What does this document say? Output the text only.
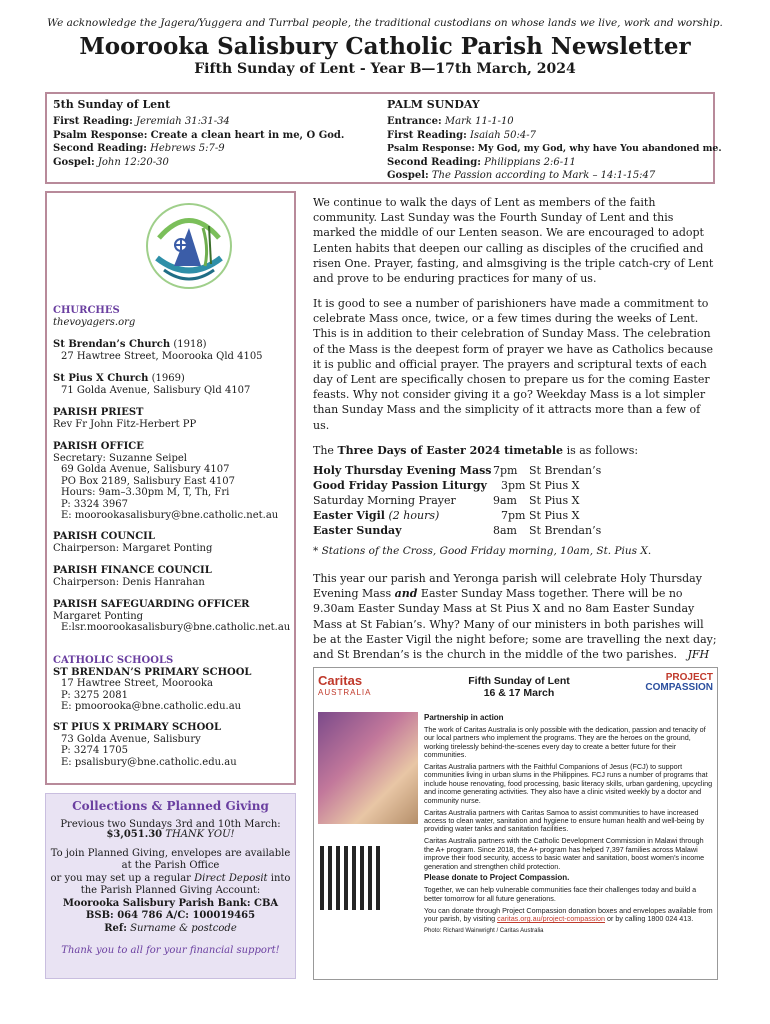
We acknowledge the Jagera/Yuggera and Turrbal people, the traditional custodians on whose lands we live, work and worship.
Moorooka Salisbury Catholic Parish Newsletter
Fifth Sunday of Lent - Year B—17th March, 2024
5th Sunday of Lent
First Reading: Jeremiah 31:31-34
Psalm Response: Create a clean heart in me, O God.
Second Reading: Hebrews 5:7-9
Gospel: John 12:20-30
PALM SUNDAY
Entrance: Mark 11-1-10
First Reading: Isaiah 50:4-7
Psalm Response: My God, my God, why have You abandoned me.
Second Reading: Philippians 2:6-11
Gospel: The Passion according to Mark – 14:1-15:47
CHURCHES
thevoyagers.org
St Brendan’s Church (1918)
27 Hawtree Street, Moorooka Qld 4105
St Pius X Church (1969)
71 Golda Avenue, Salisbury Qld 4107
PARISH PRIEST
Rev Fr John Fitz-Herbert PP
PARISH OFFICE
Secretary: Suzanne Seipel
69 Golda Avenue, Salisbury 4107
PO Box 2189, Salisbury East 4107
Hours: 9am–3.30pm M, T, Th, Fri
P: 3324 3967
E: moorookasalisbury@bne.catholic.net.au
PARISH COUNCIL
Chairperson: Margaret Ponting
PARISH FINANCE COUNCIL
Chairperson: Denis Hanrahan
PARISH SAFEGUARDING OFFICER
Margaret Ponting
E:lsr.moorookasalisbury@bne.catholic.net.au
CATHOLIC SCHOOLS
ST BRENDAN’S PRIMARY SCHOOL
17 Hawtree Street, Moorooka
P: 3275 2081
E: pmoorooka@bne.catholic.edu.au
ST PIUS X PRIMARY SCHOOL
73 Golda Avenue, Salisbury
P: 3274 1705
E: psalisbury@bne.catholic.edu.au
Collections & Planned Giving
Previous two Sundays 3rd and 10th March:
$3,051.30 THANK YOU!
To join Planned Giving, envelopes are available
at the Parish Office
or you may set up a regular Direct Deposit into
the Parish Planned Giving Account:
Moorooka Salisbury Parish Bank: CBA
BSB: 064 786 A/C: 100019465
Ref: Surname & postcode
Thank you to all for your financial support!

We continue to walk the days of Lent as members of the faith community. Last Sunday was the Fourth Sunday of Lent and this marked the middle of our Lenten season. We are encouraged to adopt Lenten habits that deepen our calling as disciples of the crucified and risen One. Prayer, fasting, and almsgiving is the triple catch-cry of Lent and prove to be enduring practices for many of us.

It is good to see a number of parishioners have made a commitment to celebrate Mass once, twice, or a few times during the weeks of Lent. This is in addition to their celebration of Sunday Mass. The celebration of the Mass is the deepest form of prayer we have as Catholics because it is public and official prayer. The prayers and scriptural texts of each day of Lent are specifically chosen to prepare us for the coming Easter feasts. Why not consider giving it a go? Weekday Mass is a lot simpler than Sunday Mass and the simplicity of it attracts more than a few of us.

The Three Days of Easter 2024 timetable is as follows:

Holy Thursday Evening Mass 7pm St Brendan’s
Good Friday Passion Liturgy 3pm St Pius X
Saturday Morning Prayer	9am St Pius X
Easter Vigil (2 hours)	7pm St Pius X
Easter Sunday	8am St Brendan’s
* Stations of the Cross, Good Friday morning, 10am, St. Pius X.

This year our parish and Yeronga parish will celebrate Holy Thursday Evening Mass and Easter Sunday Mass together. There will be no 9.30am Easter Sunday Mass at St Pius X and no 8am Easter Sunday Mass at St Fabian’s. Why? Many of our ministers in both parishes will be at the Easter Vigil the night before; some are travelling the next day; and St Brendan’s is the church in the middle of the two parishes. JFH

Caritas
AUSTRALIA
Fifth Sunday of Lent
16 & 17 March
PROJECT
COMPASSION

Partnership in action

The work of Caritas Australia is only possible with the dedication, passion and tenacity of our local partners who implement the programs. They are the heroes on the ground, working tirelessly behind-the-scenes every day to create a better future for their communities.

Caritas Australia partners with the Faithful Companions of Jesus (FCJ) to support communities living in urban slums in the Philippines. FCJ runs a number of programs that include house renovating, food processing, basic literacy skills, urban gardening, upcycling and income generating activities. They also have a clinic visited weekly by a doctor and community nurse.

Caritas Australia partners with Caritas Samoa to assist communities to have increased access to clean water, sanitation and hygiene to ensure human health and well-being by providing water tanks and sanitation facilities.

Caritas Australia partners with the Catholic Development Commission in Malawi through the A+ program. Since 2018, the A+ program has helped 7,397 families across Malawi improve their food security, access to basic water and sanitation, boost women’s income generation and strengthen child protection.

Please donate to Project Compassion.

Together, we can help vulnerable communities face their challenges today and build a better tomorrow for all future generations.

You can donate through Project Compassion donation boxes and envelopes available from your parish, by visiting caritas.org.au/project-compassion or by calling 1800 024 413.

Photo: Richard Wainwright / Caritas Australia
